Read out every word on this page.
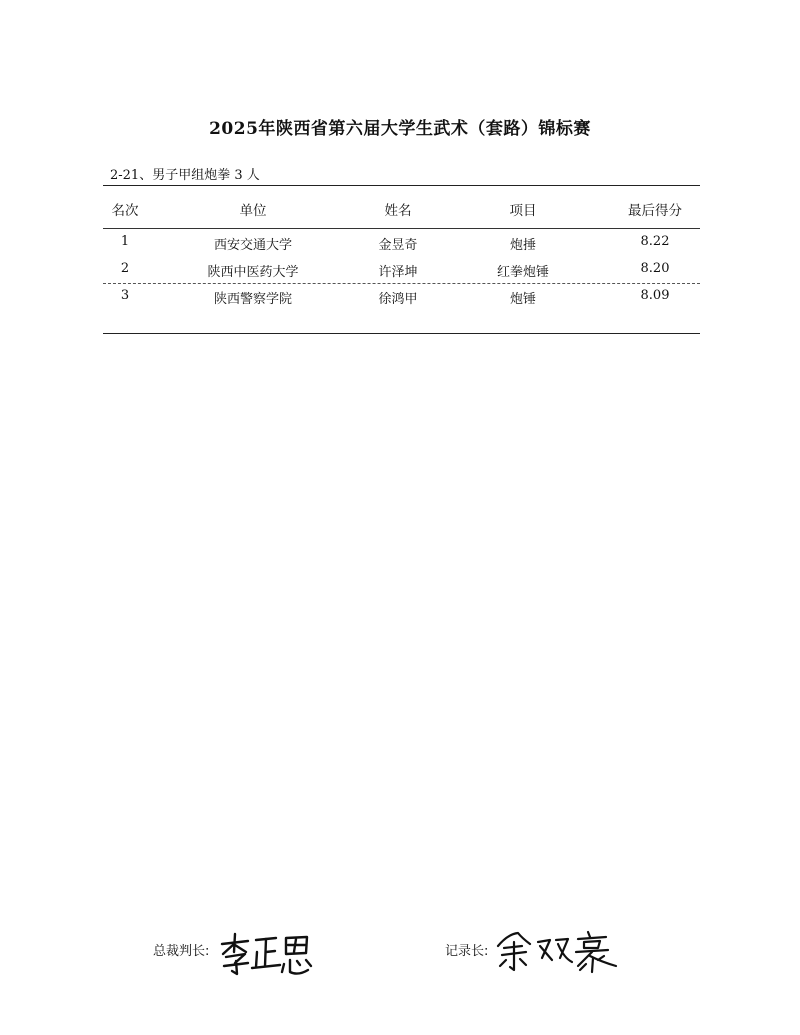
2025年陕西省第六届大学生武术（套路）锦标赛
2-21、男子甲组炮拳 3 人
名次	单位	姓名	项目	最后得分
1	西安交通大学	金昱奇	炮捶	8.22
2	陕西中医药大学	许泽坤	红拳炮锤	8.20
3	陕西警察学院	徐鸿甲	炮锤	8.09
总裁判长:	记录长:
